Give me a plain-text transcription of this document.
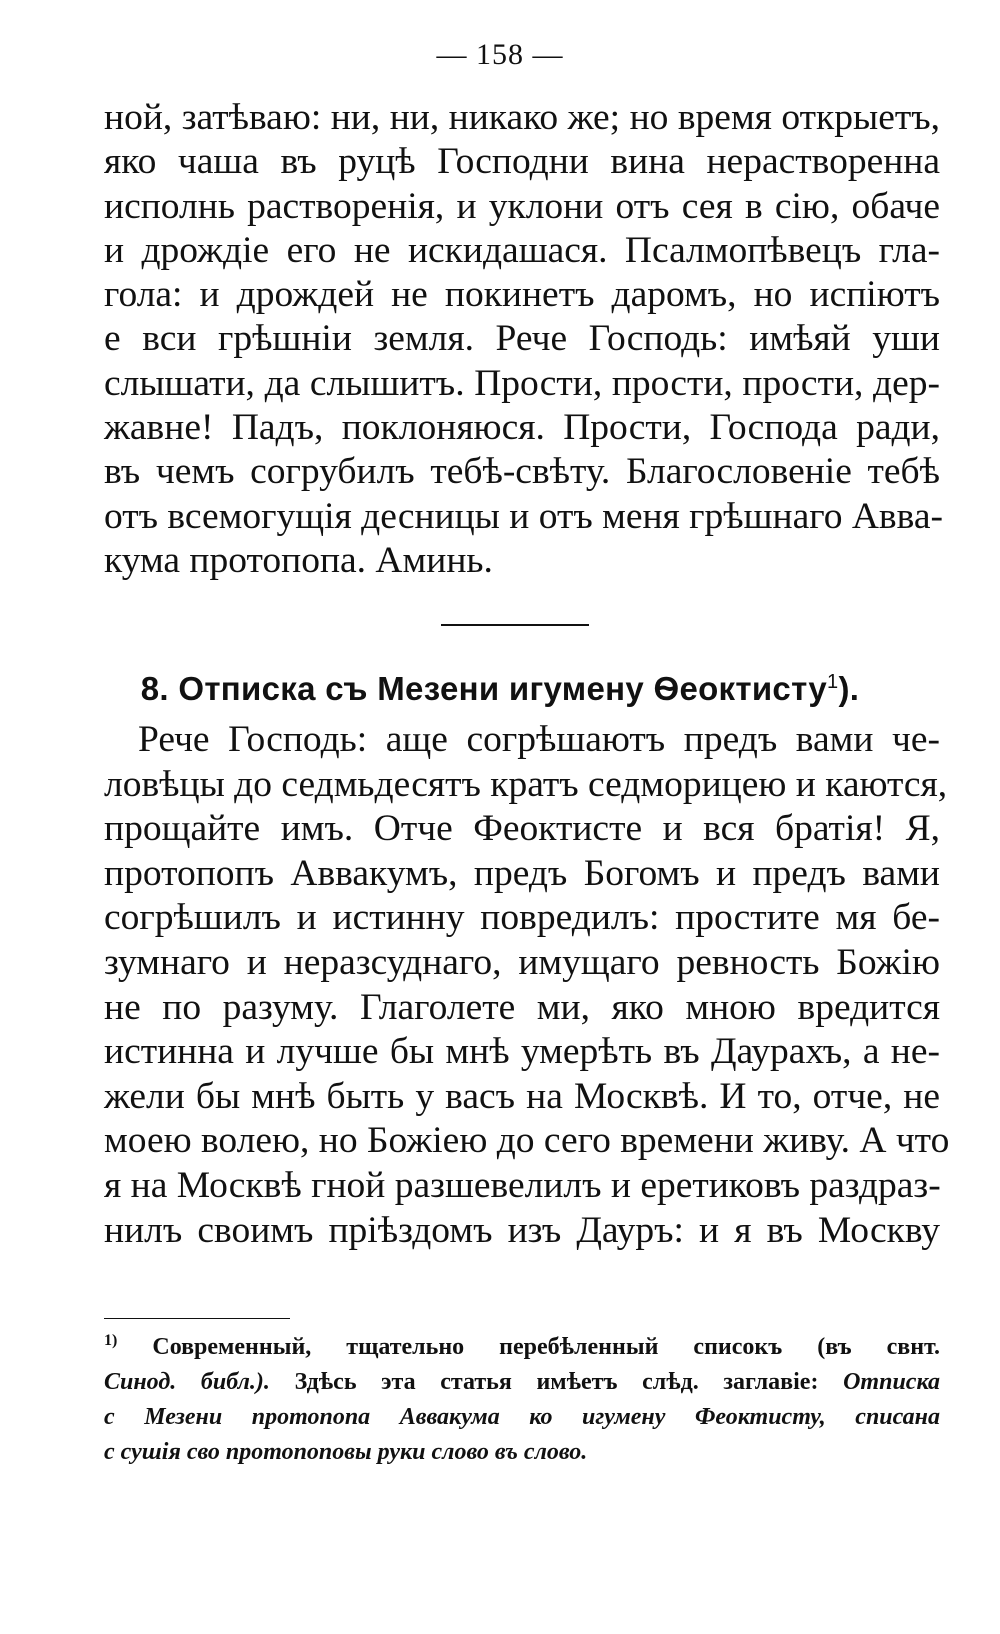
— 158 —
ной, затѣваю: ни, ни, никако же; но время открыетъ,
яко чаша въ руцѣ Господни вина нерастворенна
исполнь растворенія, и уклони отъ сея в сію, обаче
и дрождіе его не искидашася. Псалмопѣвецъ гла-
гола: и дрождей не покинетъ даромъ, но испіютъ
е вси грѣшніи земля. Рече Господь: имѣяй уши
слышати, да слышитъ. Прости, прости, прости, дер-
жавне! Падъ, поклоняюся. Прости, Господа ради,
въ чемъ согрубилъ тебѣ-свѣту. Благословеніе тебѣ
отъ всемогущія десницы и отъ меня грѣшнаго Авва-
кума протопопа. Аминь.
8. Отписка съ Мезени игумену Ѳеоктисту$^1$).
Рече Господь: аще согрѣшаютъ предъ вами че-
ловѣцы до седмьдесятъ кратъ седморицею и каются,
прощайте имъ. Отче Феоктисте и вся братія! Я,
протопопъ Аввакумъ, предъ Богомъ и предъ вами
согрѣшилъ и истинну повредилъ: простите мя бе-
зумнаго и неразсуднаго, имущаго ревность Божію
не по разуму. Глаголете ми, яко мною вредится
истинна и лучше бы мнѣ умерѣть въ Даурахъ, а не-
жели бы мнѣ быть у васъ на Москвѣ. И то, отче, не
моею волею, но Божіею до сего времени живу. А что
я на Москвѣ гной разшевелилъ и еретиковъ раздраз-
нилъ своимъ пріѣздомъ изъ Дауръ: и я въ Москву
$^{1)}$ Современный, тщательно перебѣленный списокъ (въ свнт.
Синод. библ.). Здѣсь эта статья имѣетъ слѣд. заглавіе: Отписка
с Мезени протопопа Аввакума ко игумену Феоктисту, списана
с сушія сво протопоповы руки слово въ слово.
